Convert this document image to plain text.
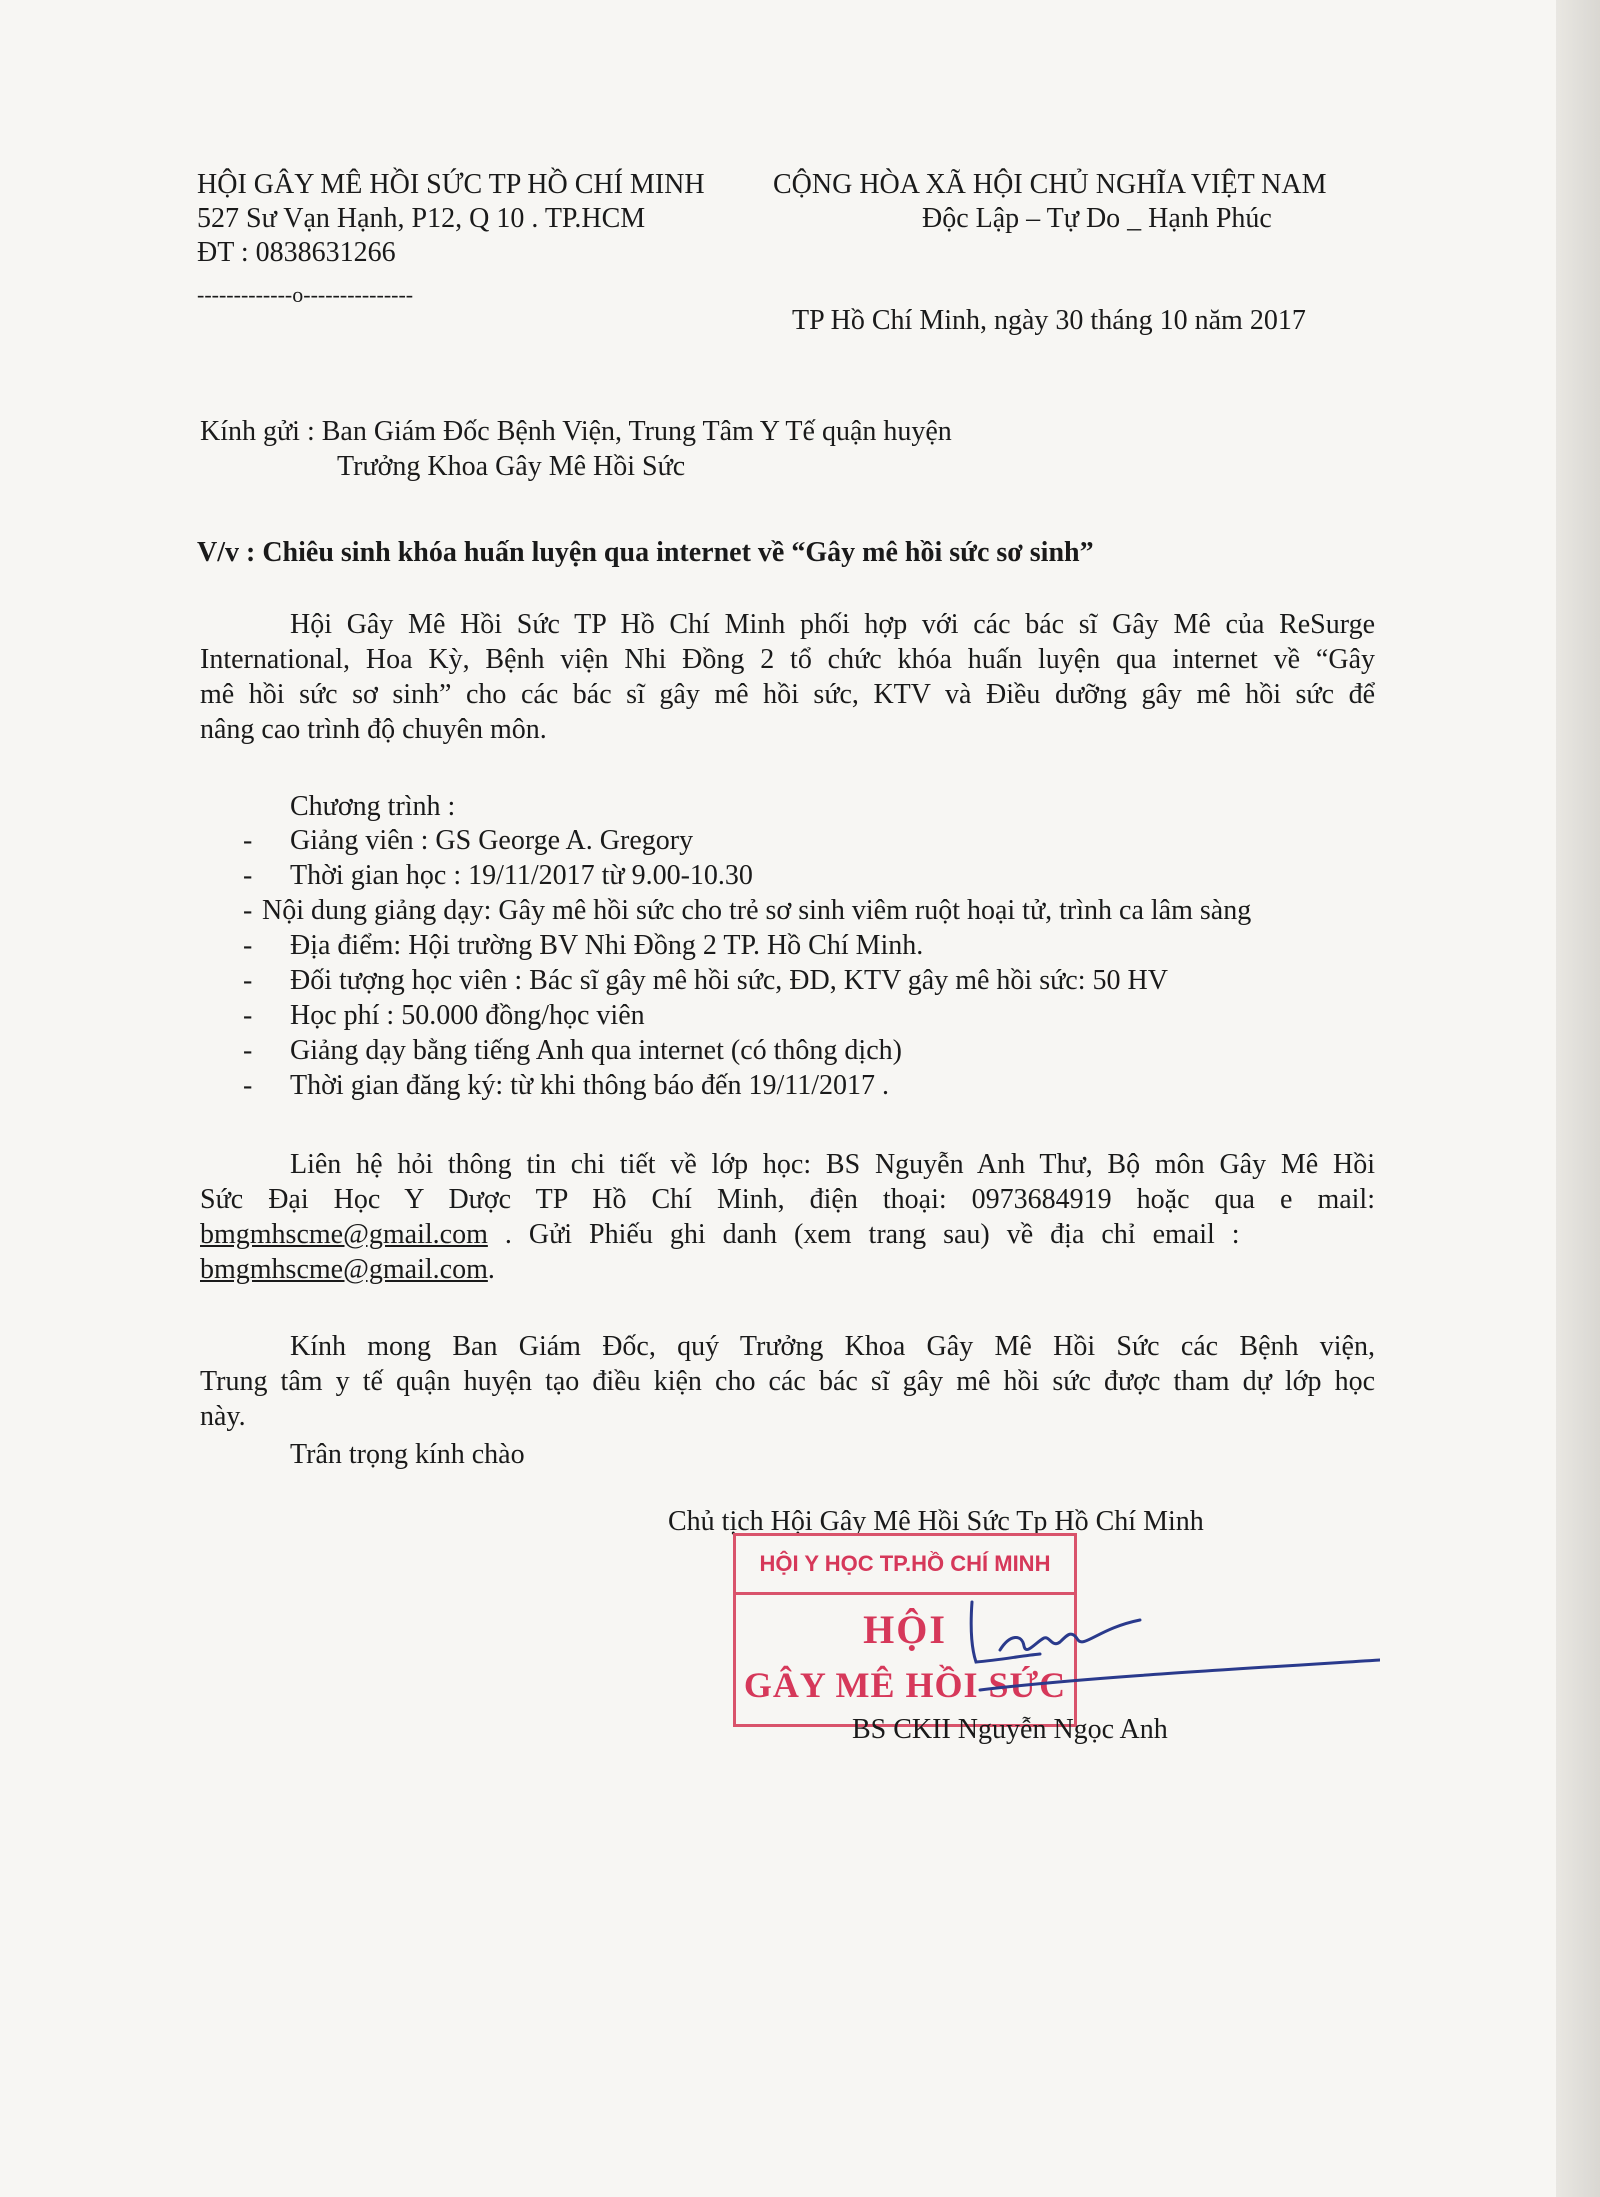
HỘI GÂY MÊ HỒI SỨC TP HỒ CHÍ MINH
527 Sư Vạn Hạnh, P12, Q 10 . TP.HCM
ĐT : 0838631266
-------------o---------------
CỘNG HÒA XÃ HỘI CHỦ NGHĨA VIỆT NAM
Độc Lập – Tự Do _ Hạnh Phúc
TP Hồ Chí Minh, ngày 30 tháng 10 năm 2017
Kính gửi : Ban Giám Đốc Bệnh Viện, Trung Tâm Y Tế quận huyện
Trưởng Khoa Gây Mê Hồi Sức
V/v : Chiêu sinh khóa huấn luyện qua internet về “Gây mê hồi sức sơ sinh”
Hội Gây Mê Hồi Sức TP Hồ Chí Minh phối hợp với các bác sĩ Gây Mê của ReSurge
International, Hoa Kỳ, Bệnh viện Nhi Đồng 2 tổ chức khóa huấn luyện qua internet về “Gây
mê hồi sức sơ sinh” cho các bác sĩ gây mê hồi sức, KTV và Điều dưỡng gây mê hồi sức để
nâng cao trình độ chuyên môn.
Chương trình :
- Giảng viên : GS George A. Gregory
- Thời gian học : 19/11/2017 từ 9.00-10.30
- Nội dung giảng dạy: Gây mê hồi sức cho trẻ sơ sinh viêm ruột hoại tử, trình ca lâm sàng
- Địa điểm: Hội trường BV Nhi Đồng 2 TP. Hồ Chí Minh.
- Đối tượng học viên : Bác sĩ gây mê hồi sức, ĐD, KTV gây mê hồi sức: 50 HV
- Học phí : 50.000 đồng/học viên
- Giảng dạy bằng tiếng Anh qua internet (có thông dịch)
- Thời gian đăng ký: từ khi thông báo đến 19/11/2017 .
Liên hệ hỏi thông tin chi tiết về lớp học: BS Nguyễn Anh Thư, Bộ môn Gây Mê Hồi
Sức Đại Học Y Dược TP Hồ Chí Minh, điện thoại: 0973684919 hoặc qua e mail:
bmgmhscme@gmail.com . Gửi Phiếu ghi danh (xem trang sau) về địa chỉ email :
bmgmhscme@gmail.com.
Kính mong Ban Giám Đốc, quý Trưởng Khoa Gây Mê Hồi Sức các Bệnh viện,
Trung tâm y tế quận huyện tạo điều kiện cho các bác sĩ gây mê hồi sức được tham dự lớp học
này.
Trân trọng kính chào
Chủ tịch Hội Gây Mê Hồi Sức Tp Hồ Chí Minh
HỘI Y HỌC TP.HỒ CHÍ MINH
HỘI
GÂY MÊ HỒI SỨC
BS CKII Nguyễn Ngọc Anh
